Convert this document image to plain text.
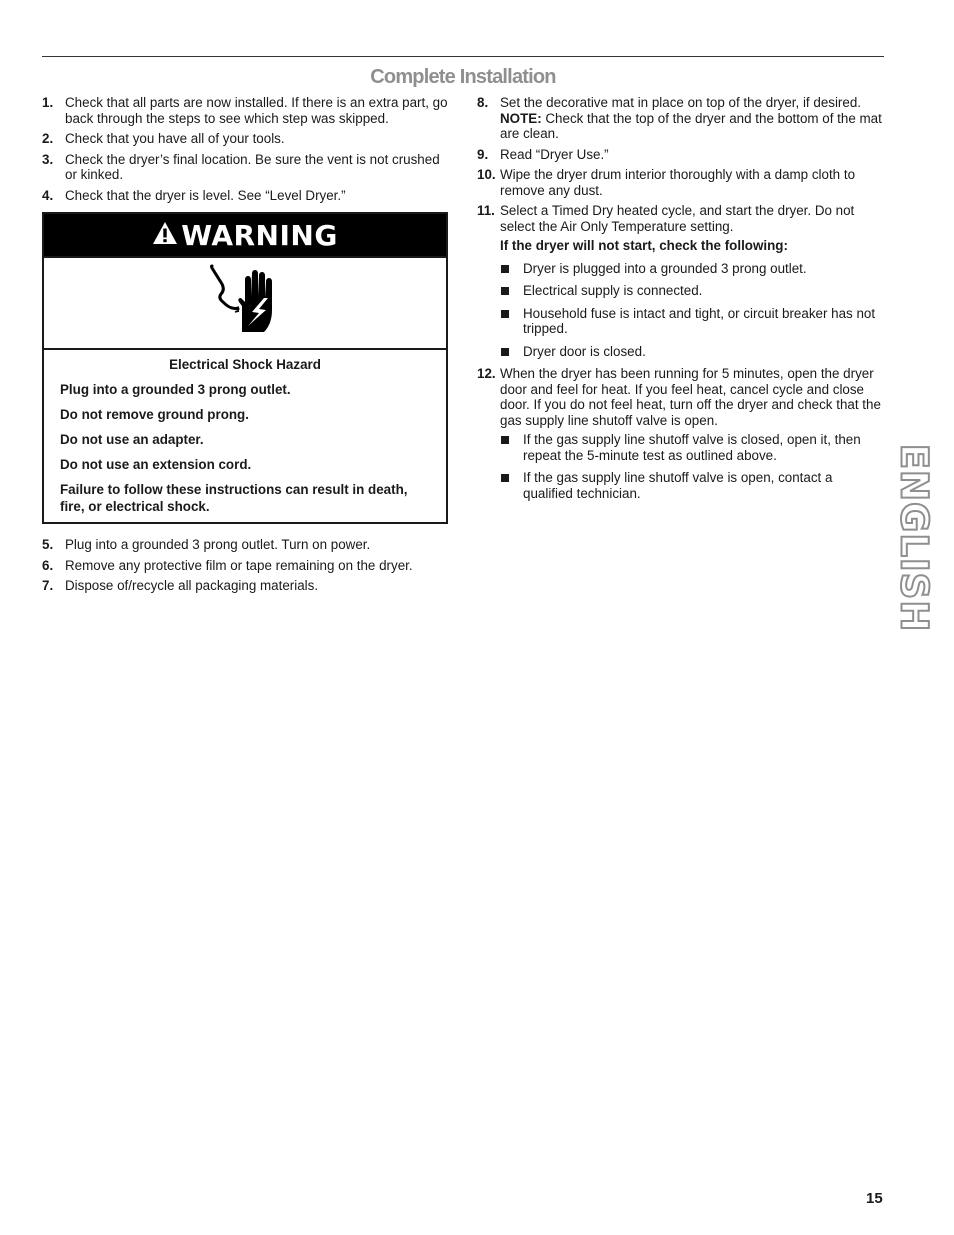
Complete Installation
1. Check that all parts are now installed. If there is an extra part, go back through the steps to see which step was skipped.
2. Check that you have all of your tools.
3. Check the dryer’s final location. Be sure the vent is not crushed or kinked.
4. Check that the dryer is level. See “Level Dryer.”
WARNING
Electrical Shock Hazard

Plug into a grounded 3 prong outlet.

Do not remove ground prong.

Do not use an adapter.

Do not use an extension cord.

Failure to follow these instructions can result in death, fire, or electrical shock.

5. Plug into a grounded 3 prong outlet. Turn on power.
6. Remove any protective film or tape remaining on the dryer.
7. Dispose of/recycle all packaging materials.
8. Set the decorative mat in place on top of the dryer, if desired.
NOTE: Check that the top of the dryer and the bottom of the mat are clean.
9. Read “Dryer Use.”
10. Wipe the dryer drum interior thoroughly with a damp cloth to remove any dust.
11. Select a Timed Dry heated cycle, and start the dryer. Do not select the Air Only Temperature setting.
If the dryer will not start, check the following:
Dryer is plugged into a grounded 3 prong outlet.
Electrical supply is connected.
Household fuse is intact and tight, or circuit breaker has not tripped.
Dryer door is closed.
12. When the dryer has been running for 5 minutes, open the dryer door and feel for heat. If you feel heat, cancel cycle and close door. If you do not feel heat, turn off the dryer and check that the gas supply line shutoff valve is open.
If the gas supply line shutoff valve is closed, open it, then repeat the 5-minute test as outlined above.
If the gas supply line shutoff valve is open, contact a qualified technician.	ENGLISH
15
